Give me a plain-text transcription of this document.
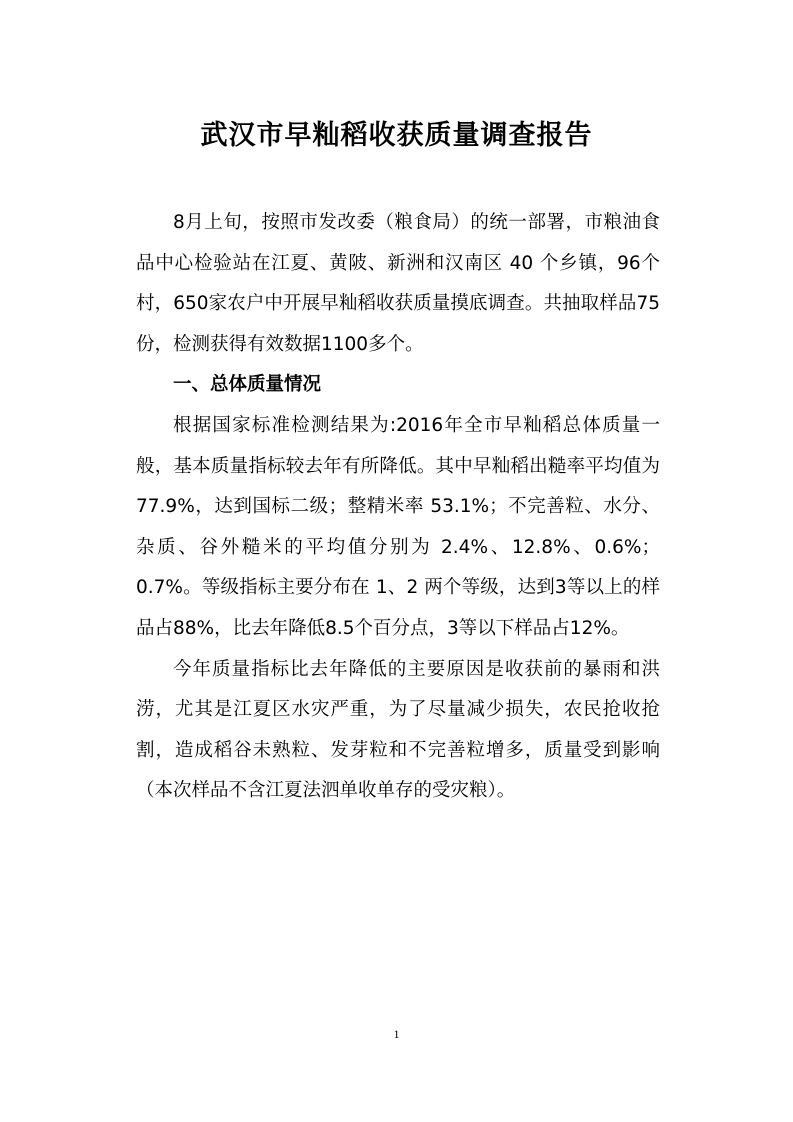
武汉市早籼稻收获质量调查报告

8月上旬，按照市发改委（粮食局）的统一部署，市粮油食品中心检验站在江夏、黄陂、新洲和汉南区 40 个乡镇，96个村，650家农户中开展早籼稻收获质量摸底调查。共抽取样品75份，检测获得有效数据1100多个。

一、总体质量情况

根据国家标准检测结果为:2016年全市早籼稻总体质量一般，基本质量指标较去年有所降低。其中早籼稻出糙率平均值为 77.9%，达到国标二级；整精米率 53.1%；不完善粒、水分、杂质、谷外糙米的平均值分别为 2.4%、12.8%、0.6%； 0.7%。等级指标主要分布在 1、2 两个等级，达到3等以上的样品占88%，比去年降低8.5个百分点，3等以下样品占12%。

今年质量指标比去年降低的主要原因是收获前的暴雨和洪涝，尤其是江夏区水灾严重，为了尽量减少损失，农民抢收抢割，造成稻谷未熟粒、发芽粒和不完善粒增多，质量受到影响（本次样品不含江夏法泗单收单存的受灾粮）。

1
